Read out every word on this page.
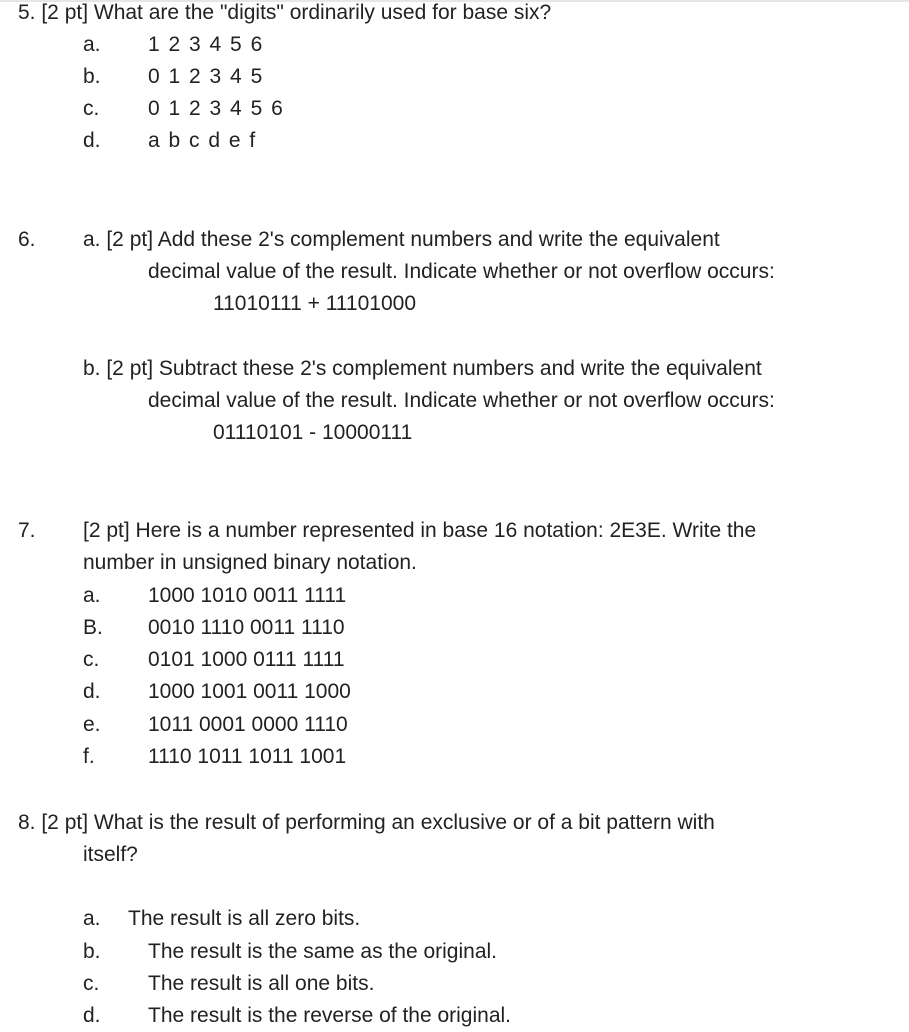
5. [2 pt] What are the "digits" ordinarily used for base six?
a. 1 2 3 4 5 6
b. 0 1 2 3 4 5
c. 0 1 2 3 4 5 6
d. a b c d e f
6. a. [2 pt] Add these 2's complement numbers and write the equivalent
decimal value of the result. Indicate whether or not overflow occurs:
11010111 + 11101000
b. [2 pt] Subtract these 2's complement numbers and write the equivalent
decimal value of the result. Indicate whether or not overflow occurs:
01110101 - 10000111
7. [2 pt] Here is a number represented in base 16 notation: 2E3E. Write the
number in unsigned binary notation.
a. 1000 1010 0011 1111
B. 0010 1110 0011 1110
c. 0101 1000 0111 1111
d. 1000 1001 0011 1000
e. 1011 0001 0000 1110
f.	1110 1011 1011 1001
8. [2 pt] What is the result of performing an exclusive or of a bit pattern with
itself?
a. The result is all zero bits.
b. The result is the same as the original.
c. The result is all one bits.
d. The result is the reverse of the original.
